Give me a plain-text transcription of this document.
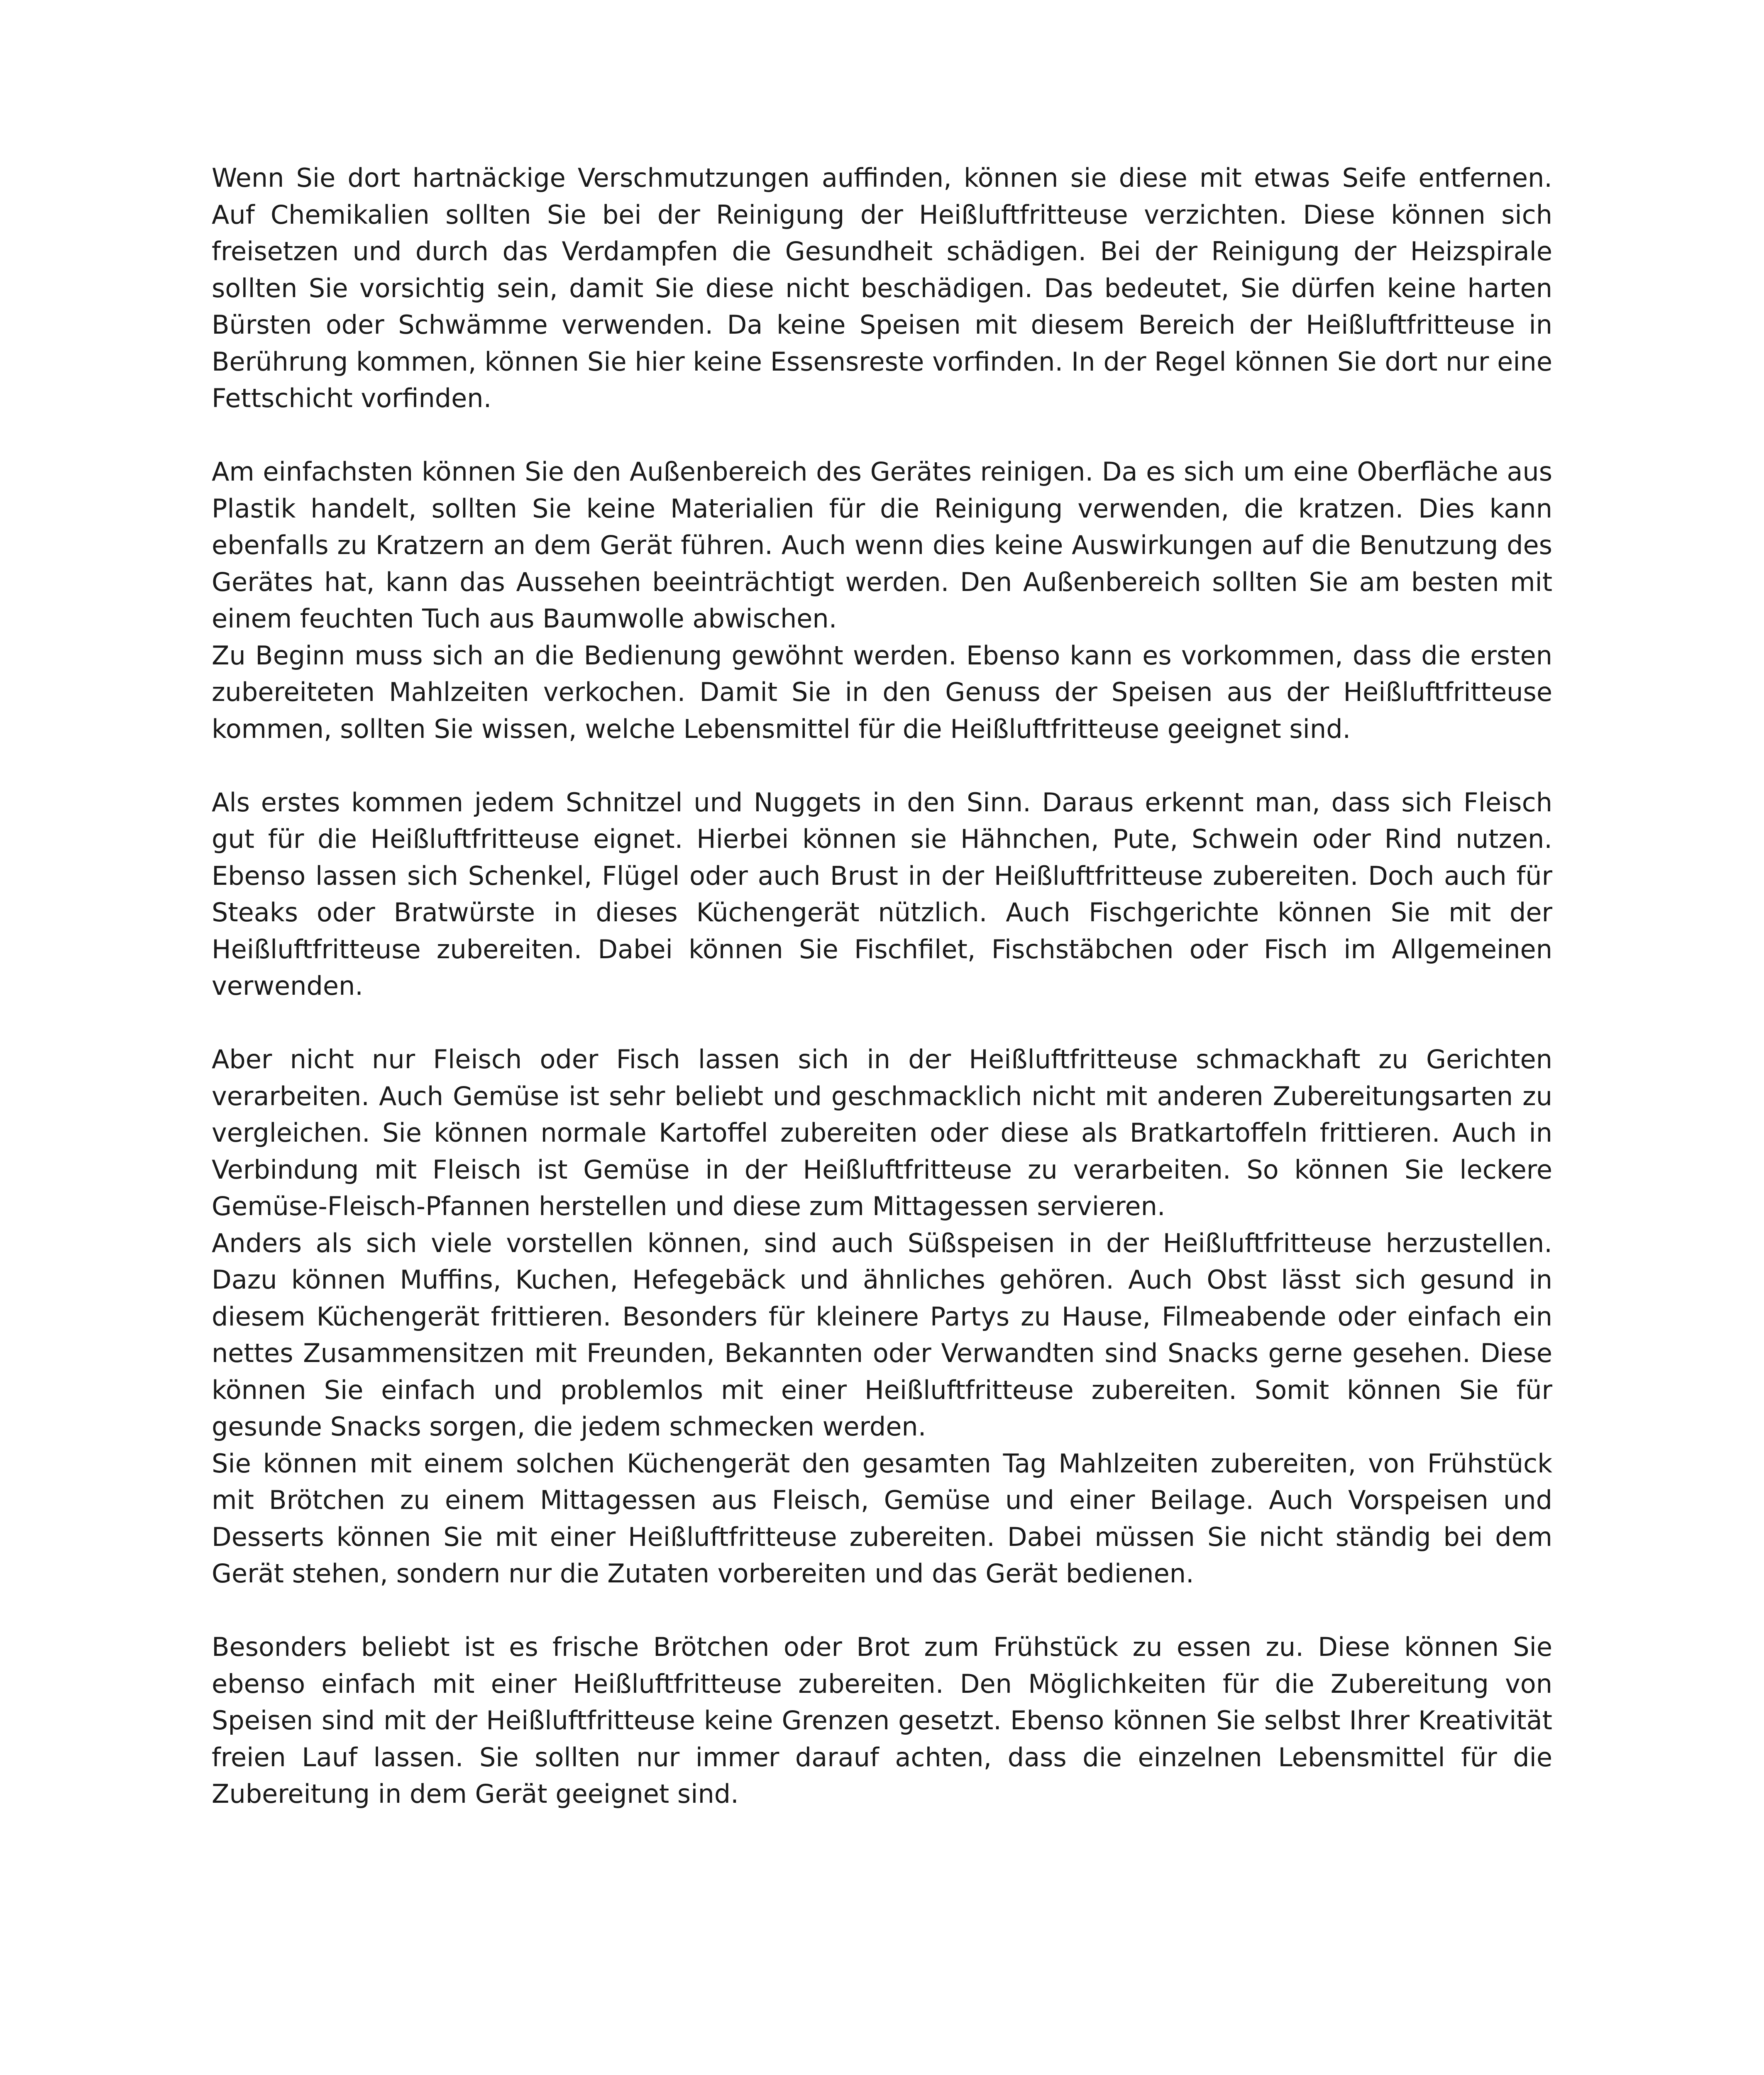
Wenn Sie dort hartnäckige Verschmutzungen auffinden, können sie diese mit etwas Seife entfernen. Auf Chemikalien sollten Sie bei der Reinigung der Heißluftfritteuse verzichten. Diese können sich freisetzen und durch das Verdampfen die Gesundheit schädigen. Bei der Reinigung der Heizspirale sollten Sie vorsichtig sein, damit Sie diese nicht beschädigen. Das bedeutet, Sie dürfen keine harten Bürsten oder Schwämme verwenden. Da keine Speisen mit diesem Bereich der Heißluftfritteuse in Berührung kommen, können Sie hier keine Essensreste vorfinden. In der Regel können Sie dort nur eine Fettschicht vorfinden.

Am einfachsten können Sie den Außenbereich des Gerätes reinigen. Da es sich um eine Oberfläche aus Plastik handelt, sollten Sie keine Materialien für die Reinigung verwenden, die kratzen. Dies kann ebenfalls zu Kratzern an dem Gerät führen. Auch wenn dies keine Auswirkungen auf die Benutzung des Gerätes hat, kann das Aussehen beeinträchtigt werden. Den Außenbereich sollten Sie am besten mit einem feuchten Tuch aus Baumwolle abwischen.

Zu Beginn muss sich an die Bedienung gewöhnt werden. Ebenso kann es vorkommen, dass die ersten zubereiteten Mahlzeiten verkochen. Damit Sie in den Genuss der Speisen aus der Heißluftfritteuse kommen, sollten Sie wissen, welche Lebensmittel für die Heißluftfritteuse geeignet sind.

Als erstes kommen jedem Schnitzel und Nuggets in den Sinn. Daraus erkennt man, dass sich Fleisch gut für die Heißluftfritteuse eignet. Hierbei können sie Hähnchen, Pute, Schwein oder Rind nutzen. Ebenso lassen sich Schenkel, Flügel oder auch Brust in der Heißluftfritteuse zubereiten. Doch auch für Steaks oder Bratwürste in dieses Küchengerät nützlich. Auch Fischgerichte können Sie mit der Heißluftfritteuse zubereiten. Dabei können Sie Fischfilet, Fischstäbchen oder Fisch im Allgemeinen verwenden.

Aber nicht nur Fleisch oder Fisch lassen sich in der Heißluftfritteuse schmackhaft zu Gerichten verarbeiten. Auch Gemüse ist sehr beliebt und geschmacklich nicht mit anderen Zubereitungsarten zu vergleichen. Sie können normale Kartoffel zubereiten oder diese als Bratkartoffeln frittieren. Auch in Verbindung mit Fleisch ist Gemüse in der Heißluftfritteuse zu verarbeiten. So können Sie leckere Gemüse-Fleisch-Pfannen herstellen und diese zum Mittagessen servieren.

Anders als sich viele vorstellen können, sind auch Süßspeisen in der Heißluftfritteuse herzustellen. Dazu können Muffins, Kuchen, Hefegebäck und ähnliches gehören. Auch Obst lässt sich gesund in diesem Küchengerät frittieren. Besonders für kleinere Partys zu Hause, Filmeabende oder einfach ein nettes Zusammensitzen mit Freunden, Bekannten oder Verwandten sind Snacks gerne gesehen. Diese können Sie einfach und problemlos mit einer Heißluftfritteuse zubereiten. Somit können Sie für gesunde Snacks sorgen, die jedem schmecken werden.

Sie können mit einem solchen Küchengerät den gesamten Tag Mahlzeiten zubereiten, von Frühstück mit Brötchen zu einem Mittagessen aus Fleisch, Gemüse und einer Beilage. Auch Vorspeisen und Desserts können Sie mit einer Heißluftfritteuse zubereiten. Dabei müssen Sie nicht ständig bei dem Gerät stehen, sondern nur die Zutaten vorbereiten und das Gerät bedienen.

Besonders beliebt ist es frische Brötchen oder Brot zum Frühstück zu essen zu. Diese können Sie ebenso einfach mit einer Heißluftfritteuse zubereiten. Den Möglichkeiten für die Zubereitung von Speisen sind mit der Heißluftfritteuse keine Grenzen gesetzt. Ebenso können Sie selbst Ihrer Kreativität freien Lauf lassen. Sie sollten nur immer darauf achten, dass die einzelnen Lebensmittel für die Zubereitung in dem Gerät geeignet sind.
